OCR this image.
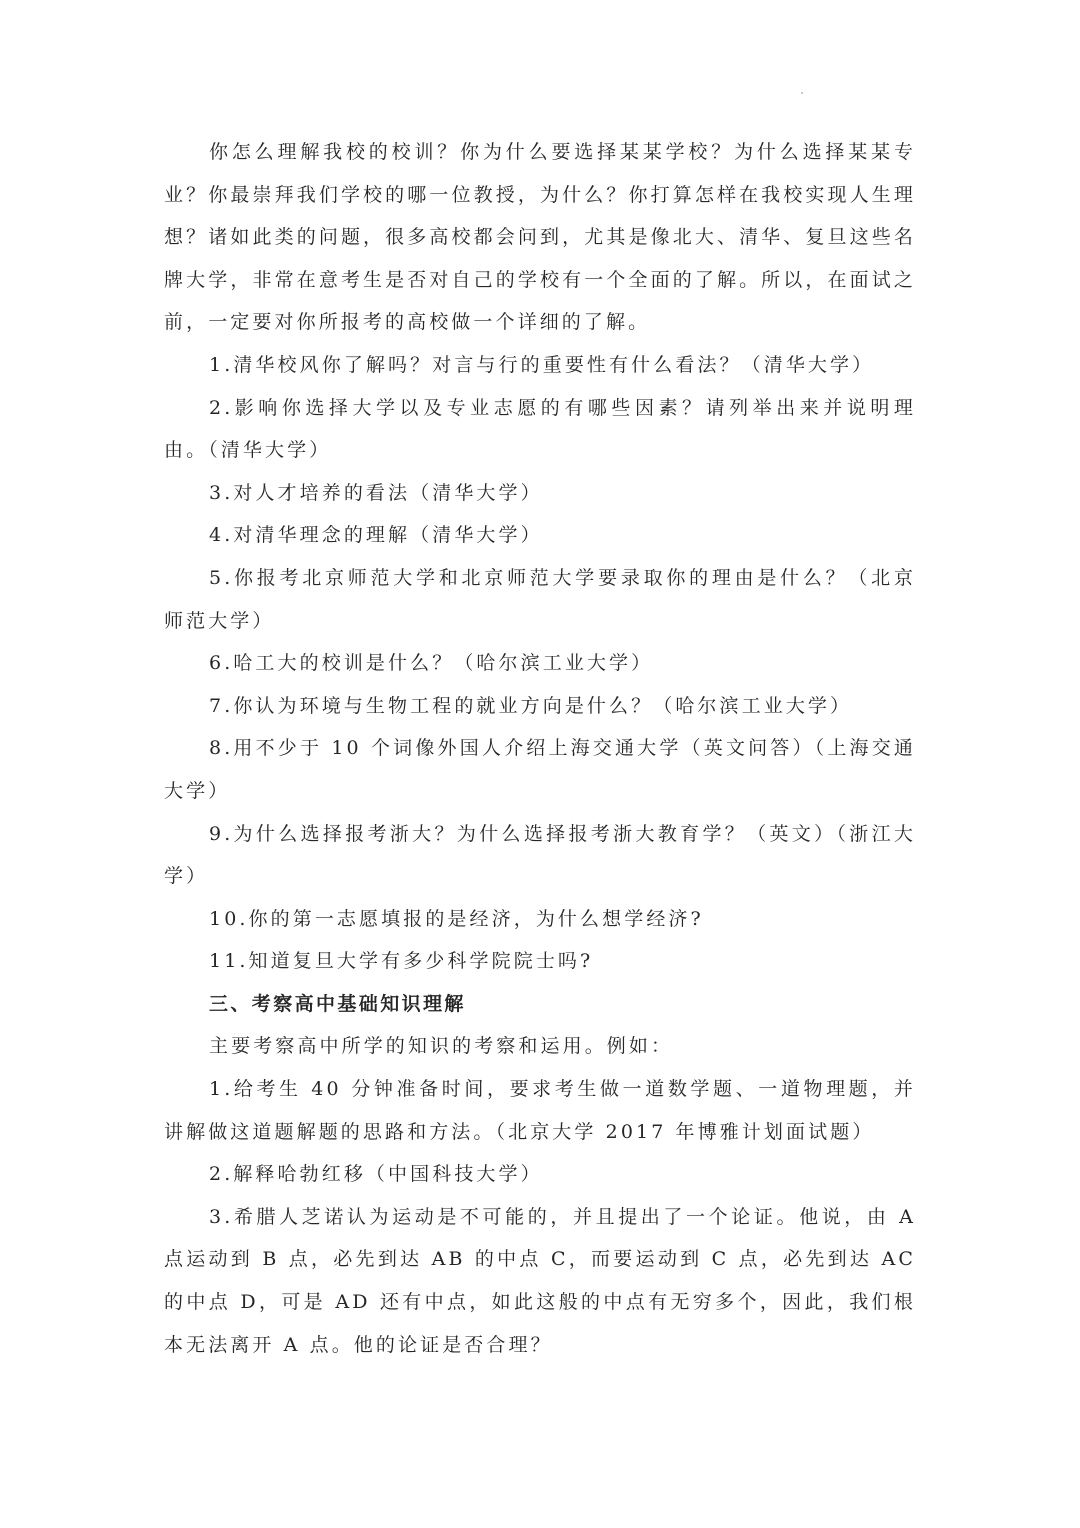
你怎么理解我校的校训？你为什么要选择某某学校？为什么选择某某专业？你最崇拜我们学校的哪一位教授，为什么？你打算怎样在我校实现人生理想？诸如此类的问题，很多高校都会问到，尤其是像北大、清华、复旦这些名牌大学，非常在意考生是否对自己的学校有一个全面的了解。所以，在面试之前，一定要对你所报考的高校做一个详细的了解。

1.清华校风你了解吗？对言与行的重要性有什么看法？（清华大学）

2.影响你选择大学以及专业志愿的有哪些因素？请列举出来并说明理由。（清华大学）

3.对人才培养的看法（清华大学）

4.对清华理念的理解（清华大学）

5.你报考北京师范大学和北京师范大学要录取你的理由是什么？（北京师范大学）

6.哈工大的校训是什么？（哈尔滨工业大学）

7.你认为环境与生物工程的就业方向是什么？（哈尔滨工业大学）

8.用不少于 10 个词像外国人介绍上海交通大学（英文问答）（上海交通大学）

9.为什么选择报考浙大？为什么选择报考浙大教育学？（英文）（浙江大学）

10.你的第一志愿填报的是经济，为什么想学经济?

11.知道复旦大学有多少科学院院士吗?

三、考察高中基础知识理解

主要考察高中所学的知识的考察和运用。例如：

1.给考生 40 分钟准备时间，要求考生做一道数学题、一道物理题，并讲解做这道题解题的思路和方法。（北京大学 2017 年博雅计划面试题）

2.解释哈勃红移（中国科技大学）

3.希腊人芝诺认为运动是不可能的，并且提出了一个论证。他说，由 A 点运动到 B 点，必先到达 AB 的中点 C，而要运动到 C 点，必先到达 AC 的中点 D，可是 AD 还有中点，如此这般的中点有无穷多个，因此，我们根本无法离开 A 点。他的论证是否合理？
